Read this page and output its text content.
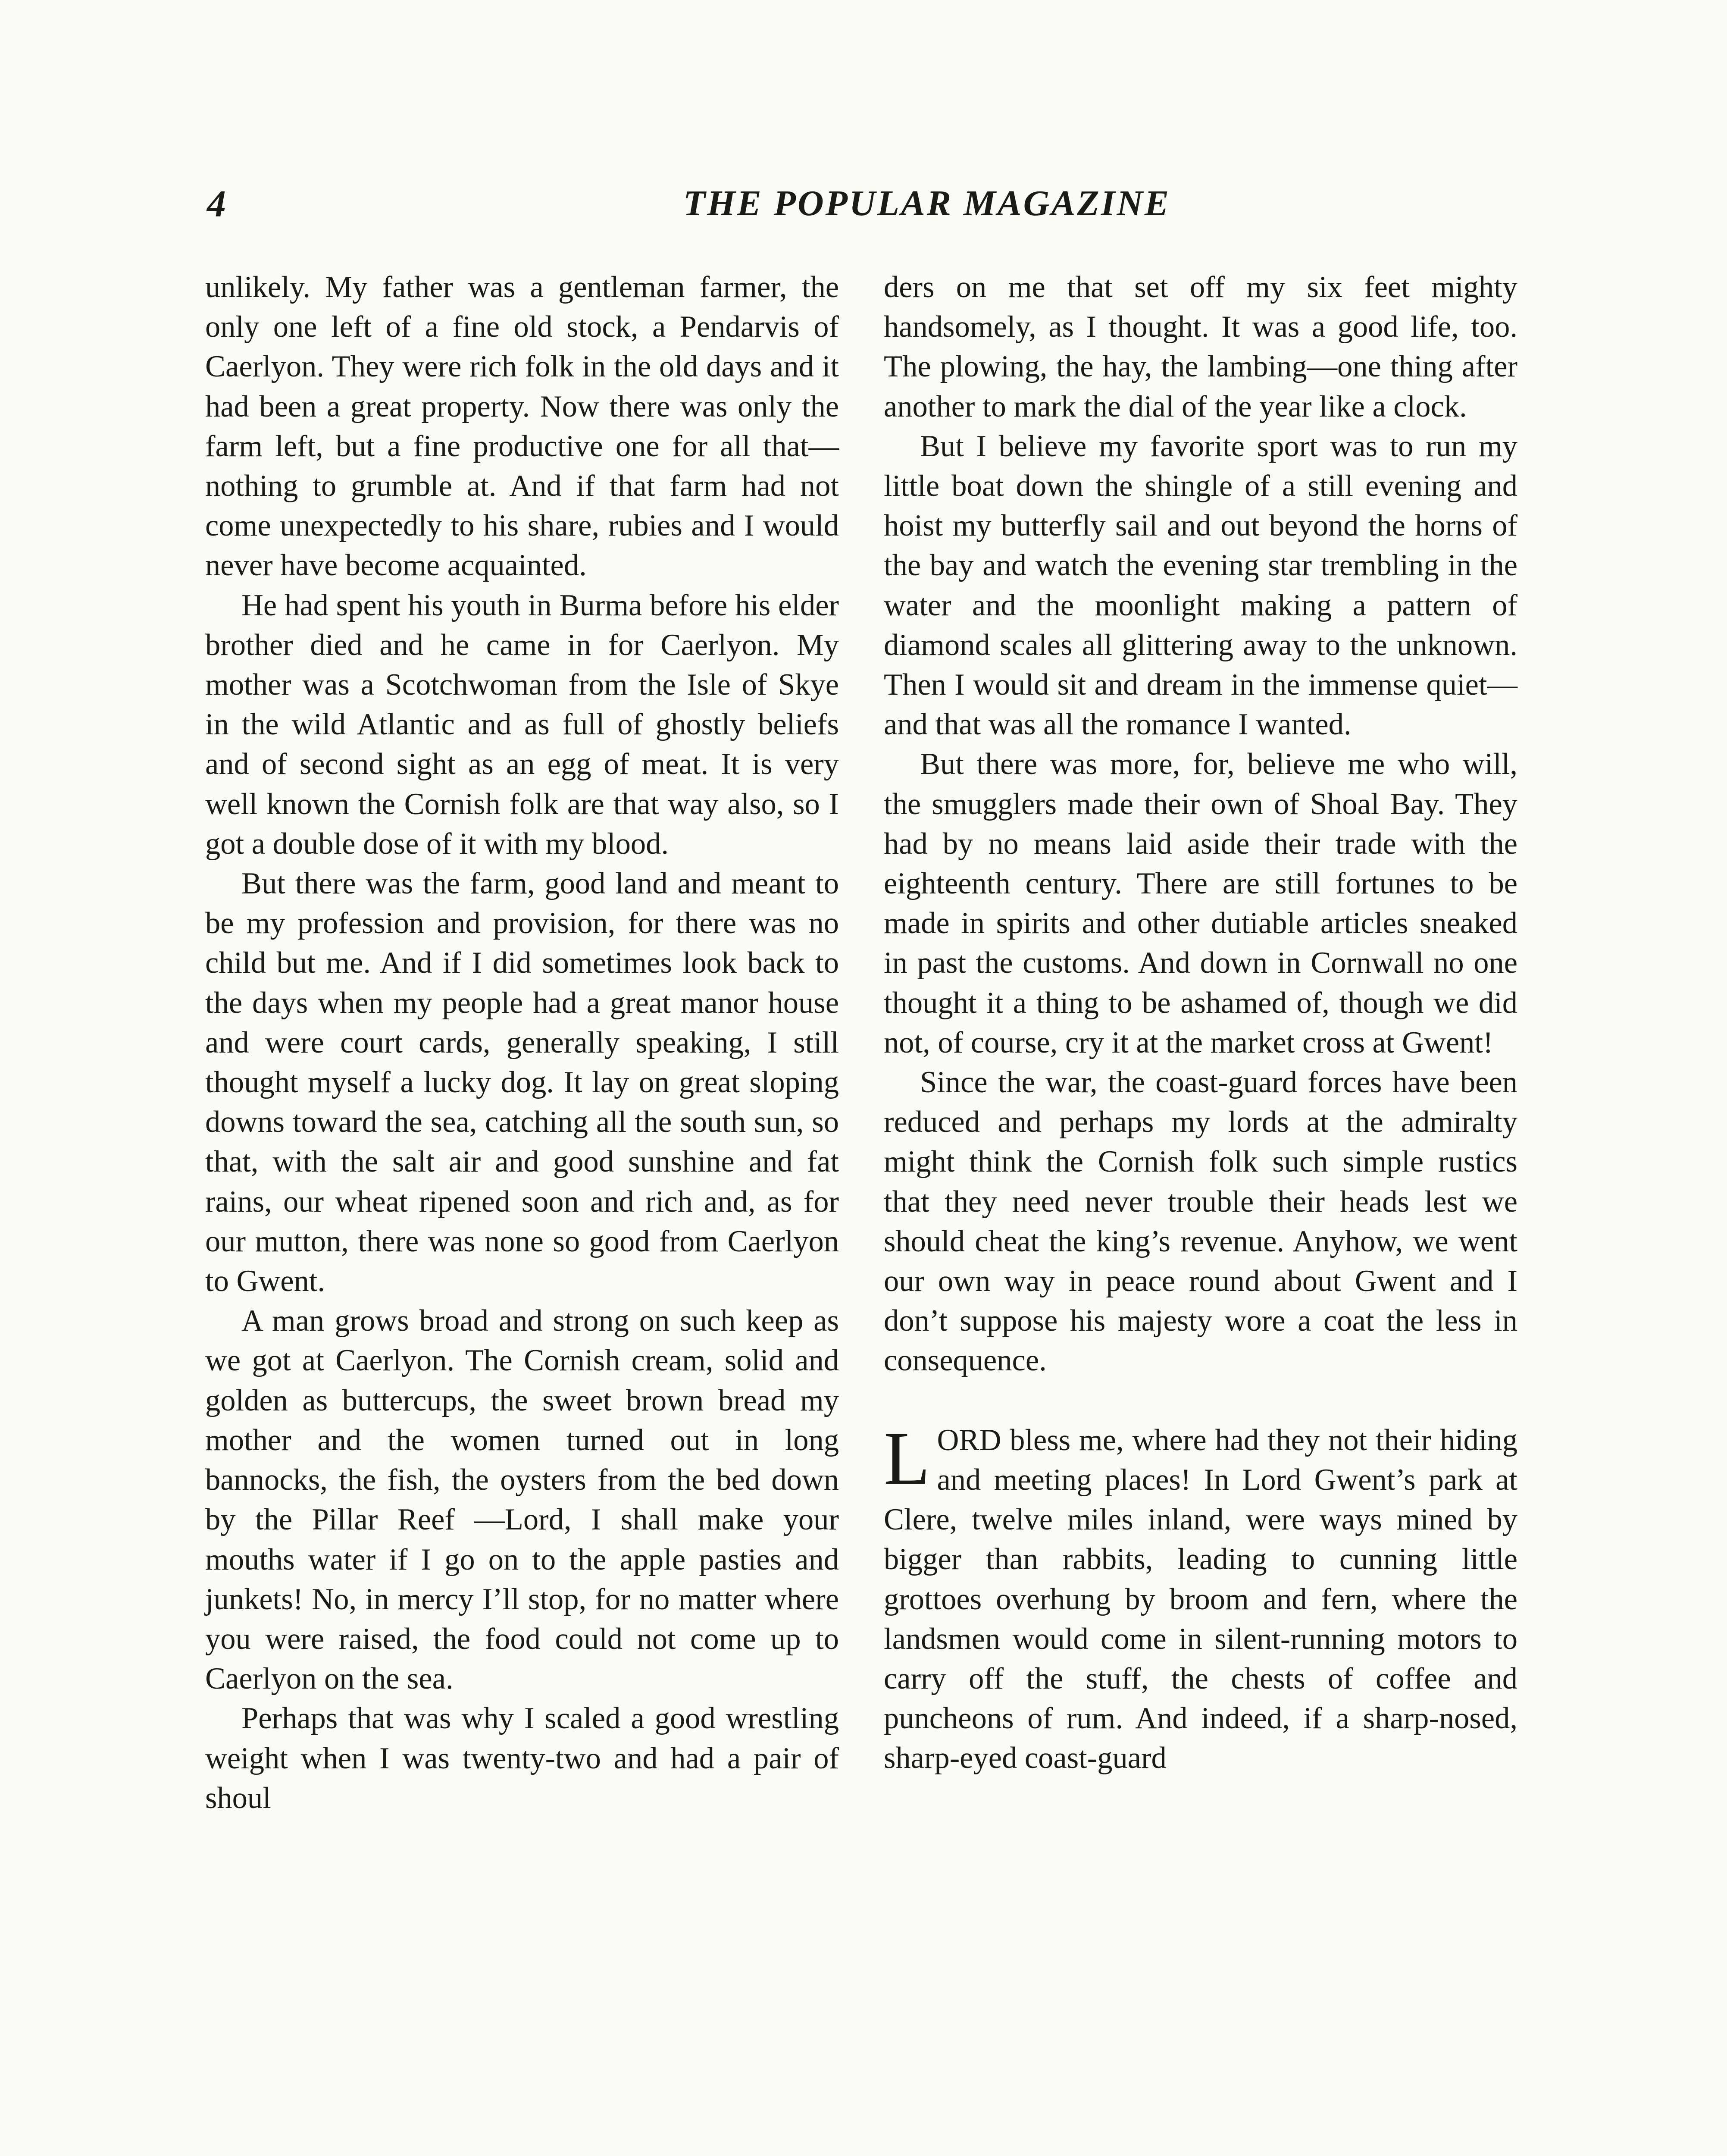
4	THE POPULAR MAGAZINE

unlikely. My father was a gentleman farmer, the only one left of a fine old stock, a Pendarvis of Caerlyon. They were rich folk in the old days and it had been a great property. Now there was only the farm left, but a fine productive one for all that—nothing to grumble at. And if that farm had not come unexpectedly to his share, rubies and I would never have become acquainted.

He had spent his youth in Burma before his elder brother died and he came in for Caerlyon. My mother was a Scotchwoman from the Isle of Skye in the wild Atlantic and as full of ghostly beliefs and of second sight as an egg of meat. It is very well known the Cornish folk are that way also, so I got a double dose of it with my blood.

But there was the farm, good land and meant to be my profession and provision, for there was no child but me. And if I did sometimes look back to the days when my people had a great manor house and were court cards, generally speaking, I still thought myself a lucky dog. It lay on great sloping downs toward the sea, catching all the south sun, so that, with the salt air and good sunshine and fat rains, our wheat ripened soon and rich and, as for our mutton, there was none so good from Caerlyon to Gwent.

A man grows broad and strong on such keep as we got at Caerlyon. The Cornish cream, solid and golden as buttercups, the sweet brown bread my mother and the women turned out in long bannocks, the fish, the oysters from the bed down by the Pillar Reef —Lord, I shall make your mouths water if I go on to the apple pasties and junkets! No, in mercy I’ll stop, for no matter where you were raised, the food could not come up to Caerlyon on the sea.

Perhaps that was why I scaled a good wrestling weight when I was twenty-two and had a pair of shoul

ders on me that set off my six feet mighty handsomely, as I thought. It was a good life, too. The plowing, the hay, the lambing—one thing after another to mark the dial of the year like a clock.

But I believe my favorite sport was to run my little boat down the shingle of a still evening and hoist my butterfly sail and out beyond the horns of the bay and watch the evening star trembling in the water and the moonlight making a pattern of diamond scales all glittering away to the unknown. Then I would sit and dream in the immense quiet—and that was all the romance I wanted.

But there was more, for, believe me who will, the smugglers made their own of Shoal Bay. They had by no means laid aside their trade with the eighteenth century. There are still fortunes to be made in spirits and other dutiable articles sneaked in past the customs. And down in Cornwall no one thought it a thing to be ashamed of, though we did not, of course, cry it at the market cross at Gwent!

Since the war, the coast-guard forces have been reduced and perhaps my lords at the admiralty might think the Cornish folk such simple rustics that they need never trouble their heads lest we should cheat the king’s revenue. Anyhow, we went our own way in peace round about Gwent and I don’t suppose his majesty wore a coat the less in consequence.

LORD bless me, where had they not their hiding and meeting places! In Lord Gwent’s park at Clere, twelve miles inland, were ways mined by bigger than rabbits, leading to cunning little grottoes overhung by broom and fern, where the landsmen would come in silent-running motors to carry off the stuff, the chests of coffee and puncheons of rum. And indeed, if a sharp-nosed, sharp-eyed coast-guard
